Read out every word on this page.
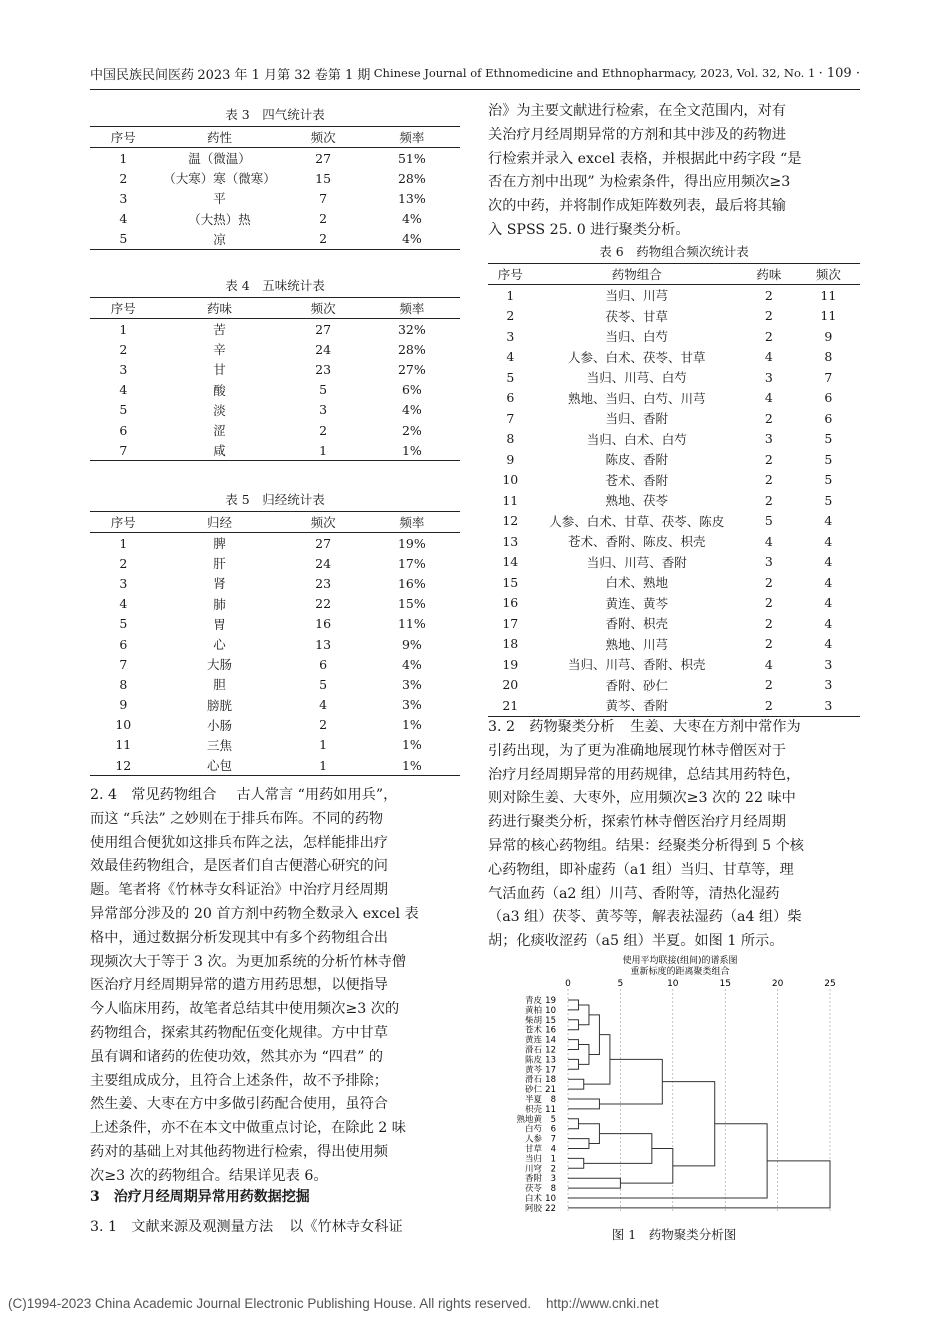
中国民族民间医药 2023 年 1 月第 32 卷第 1 期 Chinese Journal of Ethnomedicine and Ethnopharmacy, 2023, Vol. 32, No. 1 · 109 ·
表 3　四气统计表
序号	药性	频次	频率
1	温（微温）	27	51%
2	（大寒）寒（微寒）	15	28%
3	平	7	13%
4	（大热）热	2	4%
5	凉	2	4%
表 4　五味统计表
序号	药味	频次	频率
1	苦	27	32%
2	辛	24	28%
3	甘	23	27%
4	酸	5	6%
5	淡	3	4%
6	涩	2	2%
7	咸	1	1%
表 5　归经统计表
序号	归经	频次	频率
1	脾	27	19%
2	肝	24	17%
3	肾	23	16%
4	肺	22	15%
5	胃	16	11%
6	心	13	9%
7	大肠	6	4%
8	胆	5	3%
9	膀胱	4	3%
10	小肠	2	1%
11	三焦	1	1%
12	心包	1	1%

2. 4　常见药物组合 古人常言 “用药如用兵”，

而这 “兵法” 之妙则在于排兵布阵。不同的药物

使用组合便犹如这排兵布阵之法，怎样能排出疗

效最佳药物组合，是医者们自古便潜心研究的问

题。笔者将《竹林寺女科证治》中治疗月经周期

异常部分涉及的 20 首方剂中药物全数录入 excel 表

格中，通过数据分析发现其中有多个药物组合出

现频次大于等于 3 次。为更加系统的分析竹林寺僧

医治疗月经周期异常的遣方用药思想，以便指导

今人临床用药，故笔者总结其中使用频次≥3 次的

药物组合，探索其药物配伍变化规律。方中甘草

虽有调和诸药的佐使功效，然其亦为 “四君” 的

主要组成成分，且符合上述条件，故不予排除；

然生姜、大枣在方中多做引药配合使用，虽符合

上述条件，亦不在本文中做重点讨论，在除此 2 味

药对的基础上对其他药物进行检索，得出使用频

次≥3 次的药物组合。结果详见表 6。

3　治疗月经周期异常用药数据挖掘

3. 1　文献来源及观测量方法 以《竹林寺女科证

治》为主要文献进行检索，在全文范围内，对有

关治疗月经周期异常的方剂和其中涉及的药物进

行检索并录入 excel 表格，并根据此中药字段 “是

否在方剂中出现” 为检索条件，得出应用频次≥3

次的中药，并将制作成矩阵数列表，最后将其输

入 SPSS 25. 0 进行聚类分析。

表 6　药物组合频次统计表
序号	药物组合	药味	频次
1	当归、川芎	2	11
2	茯苓、甘草	2	11
3	当归、白芍	2	9
4	人参、白术、茯苓、甘草	4	8
5	当归、川芎、白芍	3	7
6	熟地、当归、白芍、川芎	4	6
7	当归、香附	2	6
8	当归、白术、白芍	3	5
9	陈皮、香附	2	5
10	苍术、香附	2	5
11	熟地、茯苓	2	5
12	人参、白术、甘草、茯苓、陈皮	5	4
13	苍术、香附、陈皮、枳壳	4	4
14	当归、川芎、香附	3	4
15	白术、熟地	2	4
16	黄连、黄芩	2	4
17	香附、枳壳	2	4
18	熟地、川芎	2	4
19	当归、川芎、香附、枳壳	4	3
20	香附、砂仁	2	3
21	黄芩、香附	2	3

3. 2　药物聚类分析 生姜、大枣在方剂中常作为

引药出现，为了更为准确地展现竹林寺僧医对于

治疗月经周期异常的用药规律，总结其用药特色，

则对除生姜、大枣外，应用频次≥3 次的 22 味中

药进行聚类分析，探索竹林寺僧医治疗月经周期

异常的核心药物组。结果：经聚类分析得到 5 个核

心药物组，即补虚药（a1 组）当归、甘草等，理

气活血药（a2 组）川芎、香附等，清热化湿药

（a3 组）茯苓、黄芩等，解表祛湿药（a4 组）柴

胡；化痰收涩药（a5 组）半夏。如图 1 所示。

使用平均联接(组间)的谱系图
重新标度的距离聚类组合
0	5	10	15	20	25
青皮 19
黄柏 10
柴胡 15
苍术 16
黄连 14
滑石 12
陈皮 13
黄芩 17
滑石 18
砂仁 21
半夏 8
枳壳 11
熟地黄 5
白芍 6
人参 7
甘草 4
当归 1
川穹 2
香附 3
茯苓 8
白术 10
阿胶 22
图 1　药物聚类分析图
(C)1994-2023 China Academic Journal Electronic Publishing House. All rights reserved.    http://www.cnki.net
